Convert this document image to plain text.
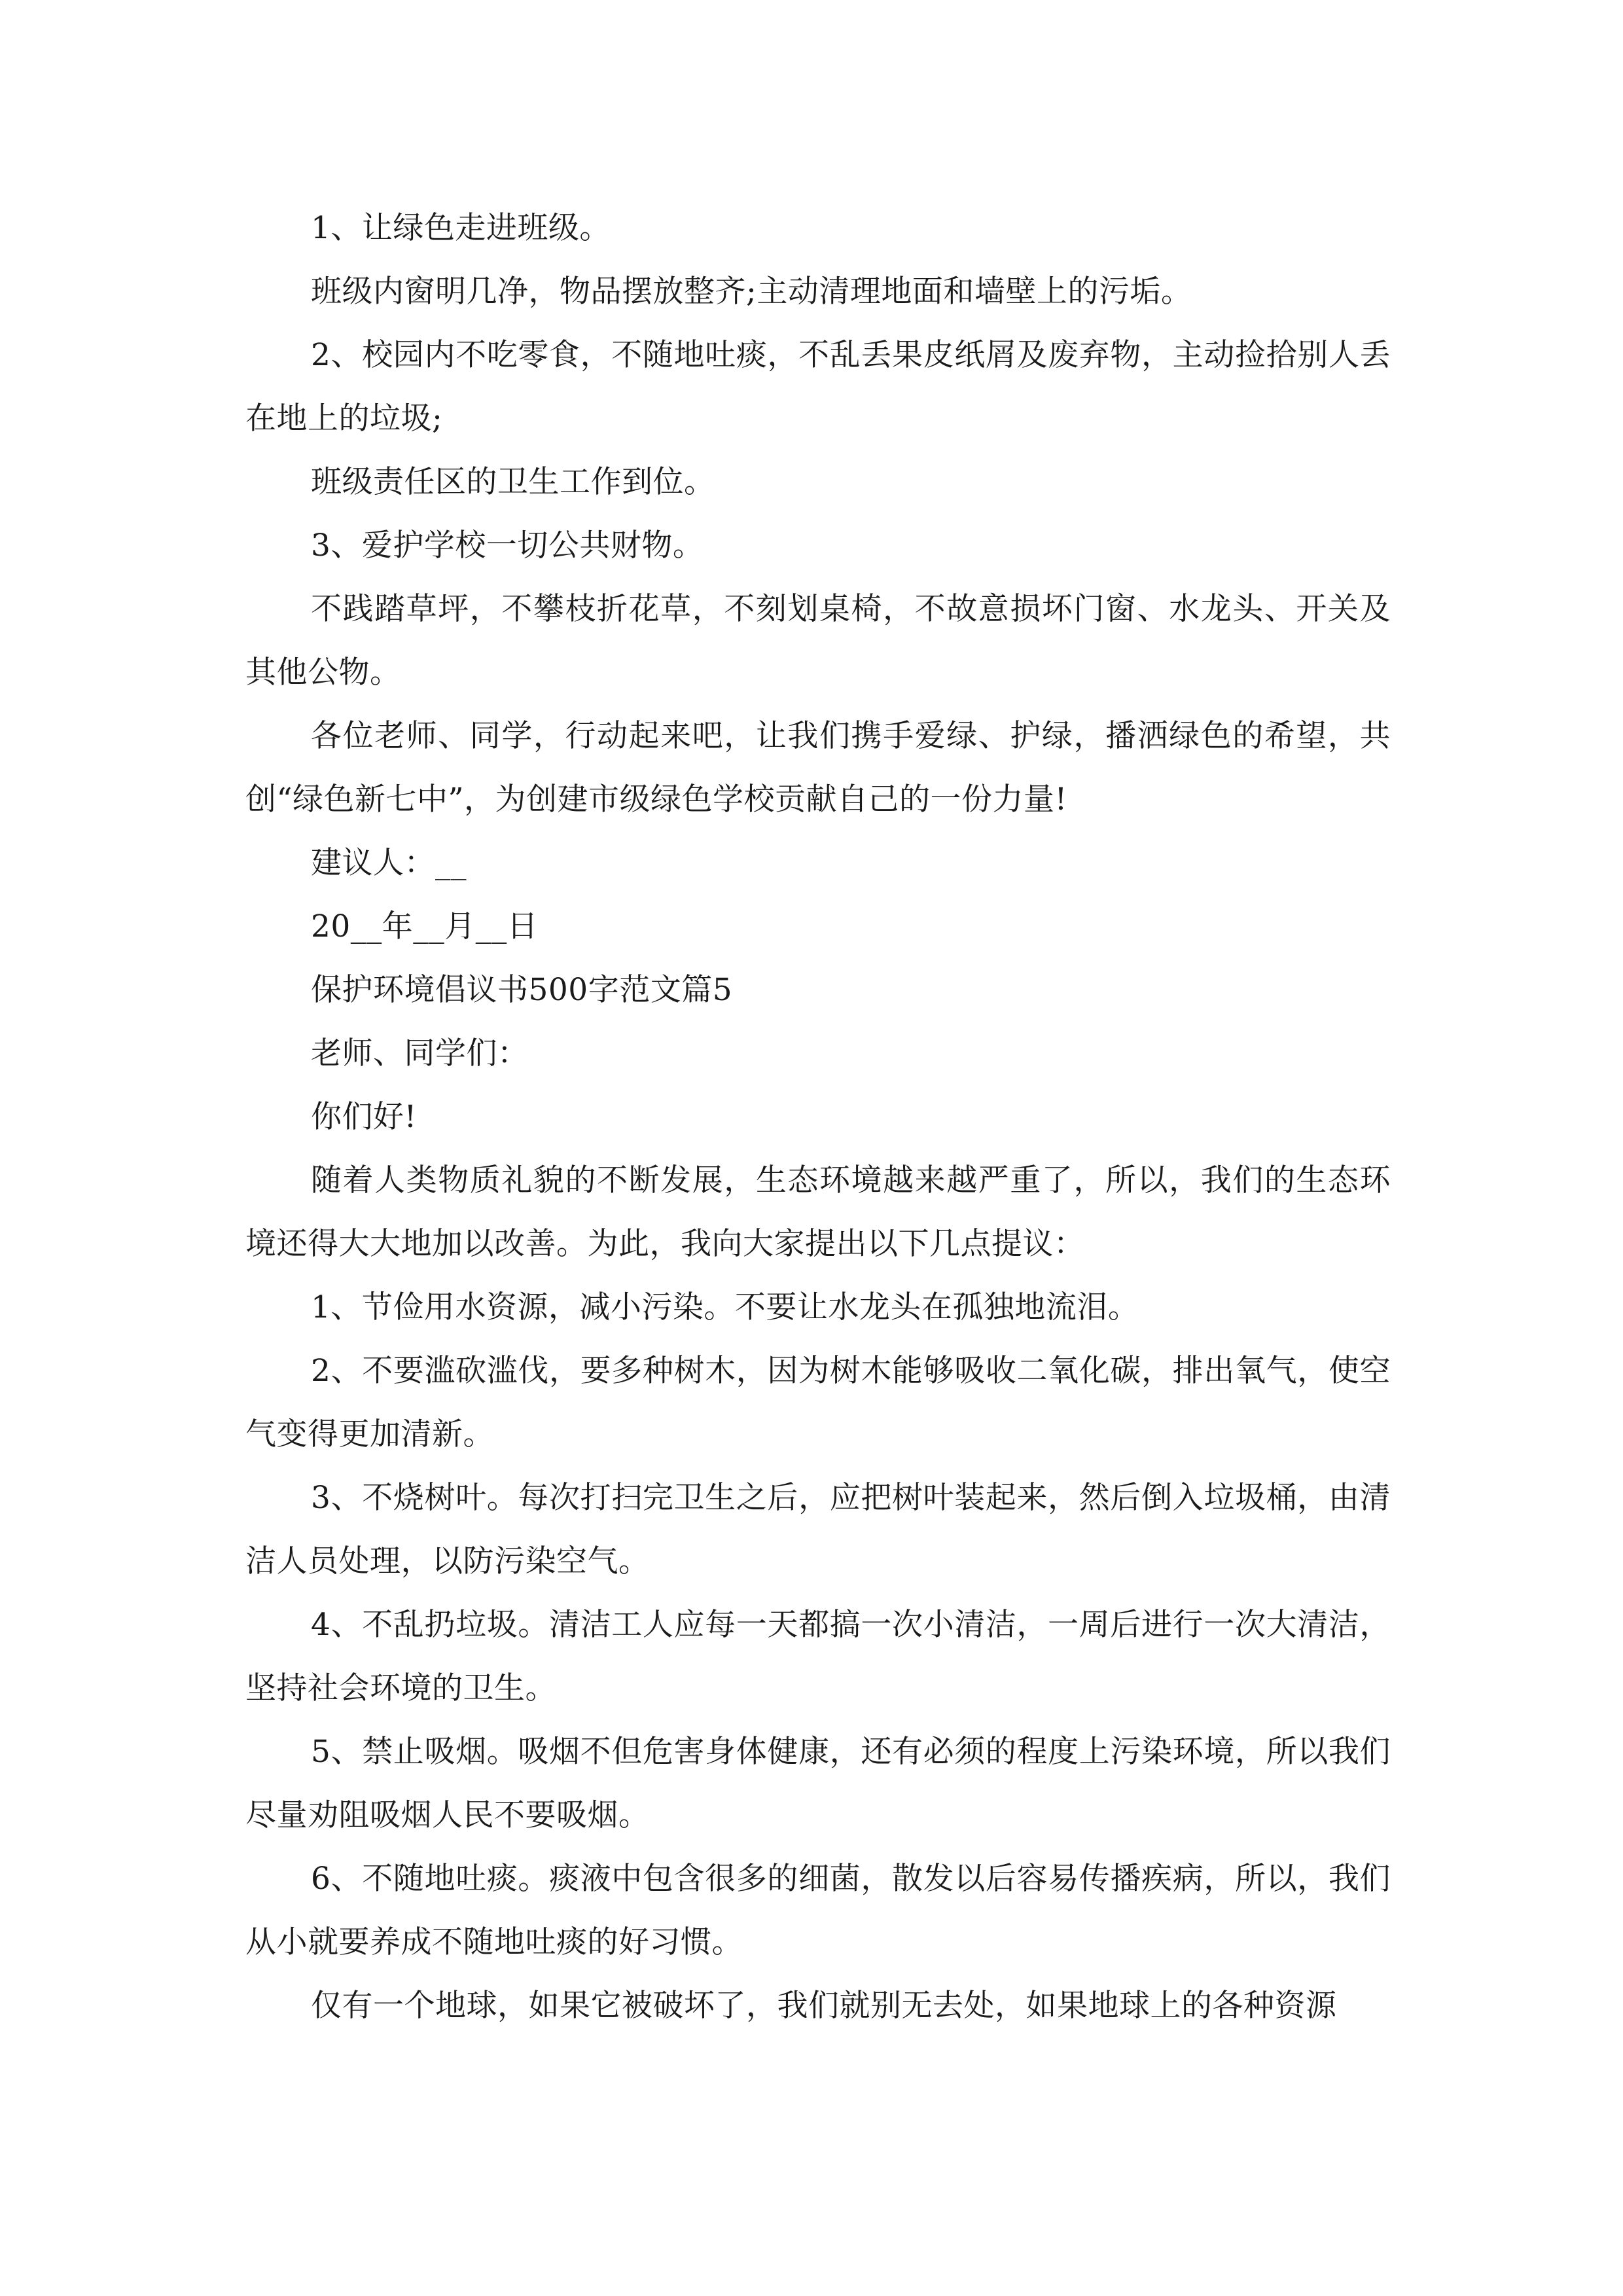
1、让绿色走进班级。

班级内窗明几净，物品摆放整齐;主动清理地面和墙壁上的污垢。

2、校园内不吃零食，不随地吐痰，不乱丢果皮纸屑及废弃物，主动捡拾别人丢在地上的垃圾;

班级责任区的卫生工作到位。

3、爱护学校一切公共财物。

不践踏草坪，不攀枝折花草，不刻划桌椅，不故意损坏门窗、水龙头、开关及其他公物。

各位老师、同学，行动起来吧，让我们携手爱绿、护绿，播洒绿色的希望，共创“绿色新七中”，为创建市级绿色学校贡献自己的一份力量!

建议人：__

20__年__月__日

保护环境倡议书500字范文篇5

老师、同学们：

你们好!

随着人类物质礼貌的不断发展，生态环境越来越严重了，所以，我们的生态环境还得大大地加以改善。为此，我向大家提出以下几点提议：

1、节俭用水资源，减小污染。不要让水龙头在孤独地流泪。

2、不要滥砍滥伐，要多种树木，因为树木能够吸收二氧化碳，排出氧气，使空气变得更加清新。

3、不烧树叶。每次打扫完卫生之后，应把树叶装起来，然后倒入垃圾桶，由清洁人员处理，以防污染空气。

4、不乱扔垃圾。清洁工人应每一天都搞一次小清洁，一周后进行一次大清洁，坚持社会环境的卫生。

5、禁止吸烟。吸烟不但危害身体健康，还有必须的程度上污染环境，所以我们尽量劝阻吸烟人民不要吸烟。

6、不随地吐痰。痰液中包含很多的细菌，散发以后容易传播疾病，所以，我们从小就要养成不随地吐痰的好习惯。

仅有一个地球，如果它被破坏了，我们就别无去处，如果地球上的各种资源
